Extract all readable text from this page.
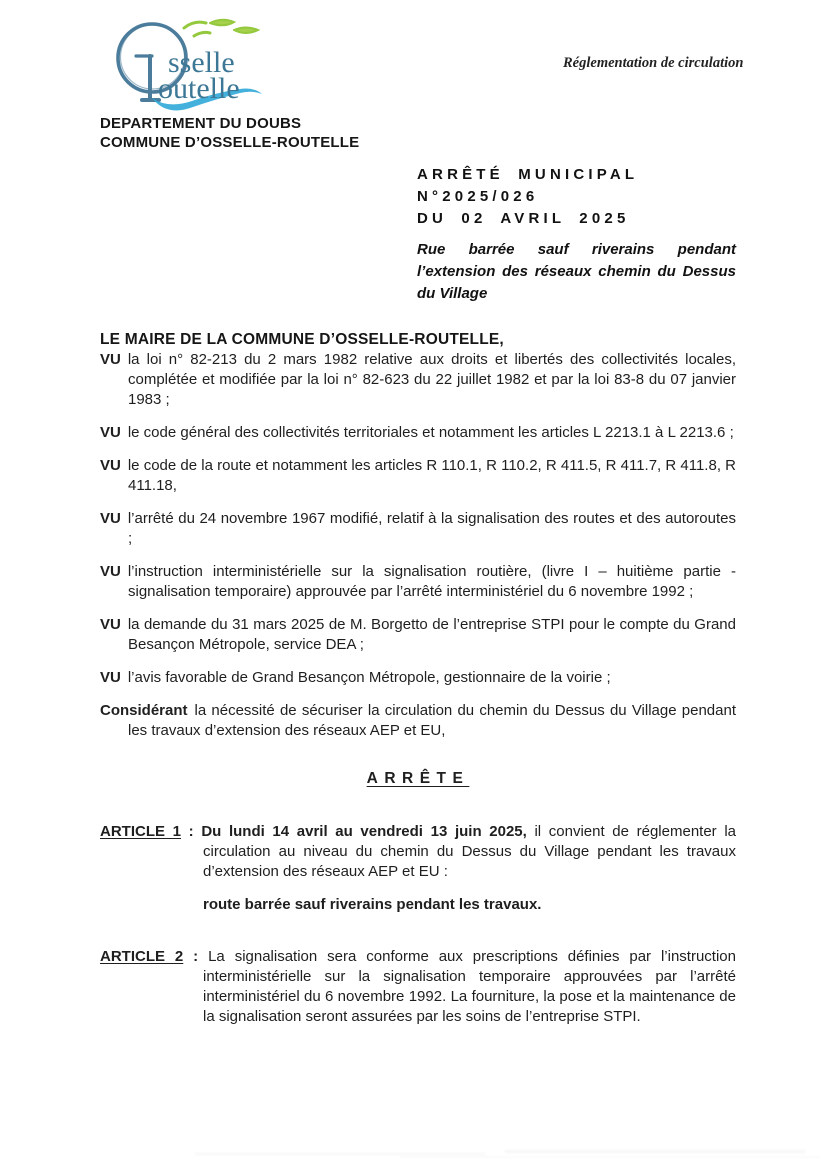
sselle
outelle
Réglementation de circulation
DEPARTEMENT DU DOUBS
COMMUNE D’OSSELLE-ROUTELLE
ARRÊTÉ MUNICIPAL
N°2025/026
DU 02 AVRIL 2025

Rue barrée sauf riverains pendant l’extension des réseaux chemin du Dessus du Village

LE MAIRE DE LA COMMUNE D’OSSELLE-ROUTELLE,

VU la loi n° 82-213 du 2 mars 1982 relative aux droits et libertés des collectivités locales, complétée et modifiée par la loi n° 82-623 du 22 juillet 1982 et par la loi 83-8 du 07 janvier 1983 ;

VU le code général des collectivités territoriales et notamment les articles L 2213.1 à L 2213.6 ;

VU le code de la route et notamment les articles R 110.1, R 110.2, R 411.5, R 411.7, R 411.8, R 411.18,

VU l’arrêté du 24 novembre 1967 modifié, relatif à la signalisation des routes et des autoroutes ;

VU l’instruction interministérielle sur la signalisation routière, (livre I – huitième partie - signalisation temporaire) approuvée par l’arrêté interministériel du 6 novembre 1992 ;

VU la demande du 31 mars 2025 de M. Borgetto de l’entreprise STPI pour le compte du Grand Besançon Métropole, service DEA ;

VU l’avis favorable de Grand Besançon Métropole, gestionnaire de la voirie ;

Considérant la nécessité de sécuriser la circulation du chemin du Dessus du Village pendant les travaux d’extension des réseaux AEP et EU,

ARRÊTE

ARTICLE 1 : Du lundi 14 avril au vendredi 13 juin 2025, il convient de réglementer la circulation au niveau du chemin du Dessus du Village pendant les travaux d’extension des réseaux AEP et EU :

route barrée sauf riverains pendant les travaux.

ARTICLE 2 : La signalisation sera conforme aux prescriptions définies par l’instruction interministérielle sur la signalisation temporaire approuvées par l’arrêté interministériel du 6 novembre 1992. La fourniture, la pose et la maintenance de la signalisation seront assurées par les soins de l’entreprise STPI.
